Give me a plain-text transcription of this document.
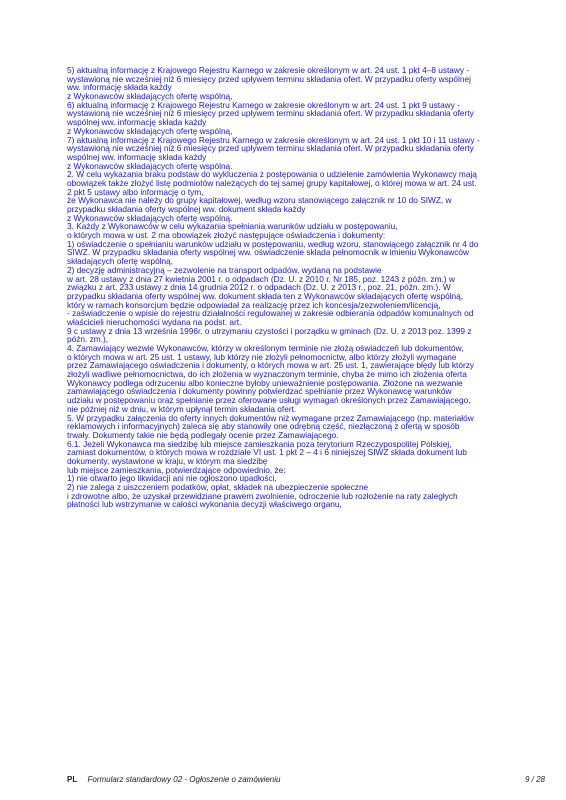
5) aktualną informację z Krajowego Rejestru Karnego w zakresie określonym w art. 24 ust. 1 pkt 4–8 ustawy -
wystawioną nie wcześniej niż 6 miesięcy przed upływem terminu składania ofert. W przypadku oferty wspólnej
ww. informację składa każdy
z Wykonawców składających ofertę wspólną,
6) aktualną informację z Krajowego Rejestru Karnego w zakresie określonym w art. 24 ust. 1 pkt 9 ustawy -
wystawioną nie wcześniej niż 6 miesięcy przed upływem terminu składania ofert. W przypadku składania oferty
wspólnej ww. informację składa każdy
z Wykonawców składających ofertę wspólną,
7) aktualną informację z Krajowego Rejestru Karnego w zakresie określonym w art. 24 ust. 1 pkt 10 i 11 ustawy -
wystawioną nie wcześniej niż 6 miesięcy przed upływem terminu składania ofert. W przypadku składania oferty
wspólnej ww. informację składa każdy
z Wykonawców składających ofertę wspólną.
2. W celu wykazania braku podstaw do wykluczenia z postępowania o udzielenie zamówienia Wykonawcy mają
obowiązek także złożyć listę podmiotów należących do tej samej grupy kapitałowej, o której mowa w art. 24 ust.
2 pkt 5 ustawy albo informację o tym,
że Wykonawca nie należy do grupy kapitałowej, według wzoru stanowiącego załącznik nr 10 do SIWZ, w
przypadku składania oferty wspólnej ww. dokument składa każdy
z Wykonawców składających ofertę wspólną.
3. Każdy z Wykonawców w celu wykazania spełniania warunków udziału w postępowaniu,
o których mowa w ust. 2 ma obowiązek złożyć następujące oświadczenia i dokumenty:
1) oświadczenie o spełnianiu warunków udziału w postępowaniu, według wzoru, stanowiącego załącznik nr 4 do
SIWZ. W przypadku składania oferty wspólnej ww. oświadczenie składa pełnomocnik w imieniu Wykonawców
składających ofertę wspólną,
2) decyzję administracyjną – zezwolenie na transport odpadów, wydaną na podstawie
w art. 28 ustawy z dnia 27 kwietnia 2001 r. o odpadach (Dz. U. z 2010 r. Nr 185, poz. 1243 z późn. zm.) w
związku z art. 233 ustawy z dnia 14 grudnia 2012 r. o odpadach (Dz. U. z 2013 r., poz. 21, późn. zm.). W
przypadku składania oferty wspólnej ww. dokument składa ten z Wykonawców składających ofertę wspólną,
który w ramach konsorcjum będzie odpowiadał za realizację przez ich koncesja/zezwoleniem/licencją,
- zaświadczenie o wpisie do rejestru działalności regulowanej w zakresie odbierania odpadów komunalnych od
właścicieli nieruchomości wydana na podst. art.
9 c ustawy z dnia 13 września 1996r. o utrzymaniu czystości i porządku w gminach (Dz. U. z 2013 poz. 1399 z
późn. zm.),
4. Zamawiający wezwie Wykonawców, którzy w określonym terminie nie złożą oświadczeń lub dokumentów,
o których mowa w art. 25 ust. 1 ustawy, lub którzy nie złożyli pełnomocnictw, albo którzy złożyli wymagane
przez Zamawiającego oświadczenia i dokumenty, o których mowa w art. 25 ust. 1, zawierające błędy lub którzy
złożyli wadliwe pełnomocnictwa, do ich złożenia w wyznaczonym terminie, chyba że mimo ich złożenia oferta
Wykonawcy podlega odrzuceniu albo konieczne byłoby unieważnienie postępowania. Złożone na wezwanie
zamawiającego oświadczenia i dokumenty powinny potwierdzać spełnianie przez Wykonawcę warunków
udziału w postępowaniu oraz spełnianie przez oferowane usługi wymagań określonych przez Zamawiającego,
nie później niż w dniu, w którym upłynął termin składania ofert.
5. W przypadku załączenia do oferty innych dokumentów niż wymagane przez Zamawiającego (np. materiałów
reklamowych i informacyjnych) zaleca się aby stanowiły one odrębną część, niezłączoną z ofertą w sposób
trwały. Dokumenty takie nie będą podlegały ocenie przez Zamawiającego.
6.1. Jeżeli Wykonawca ma siedzibę lub miejsce zamieszkania poza terytorium Rzeczypospolitej Polskiej,
zamiast dokumentów, o których mowa w rozdziale VI ust. 1 pkt 2 – 4 i 6 niniejszej SIWZ składa dokument lub
dokumenty, wystawione w kraju, w którym ma siedzibę
lub miejsce zamieszkania, potwierdzające odpowiednio, że:
1) nie otwarto jego likwidacji ani nie ogłoszono upadłości,
2) nie zalega z uiszczeniem podatków, opłat, składek na ubezpieczenie społeczne
i zdrowotne albo, że uzyskał przewidziane prawem zwolnienie, odroczenie lub rozłożenie na raty zaległych
płatności lub wstrzymanie w całości wykonania decyzji właściwego organu,
PL Formularz standardowy 02 - Ogłoszenie o zamówieniu	9 / 28
